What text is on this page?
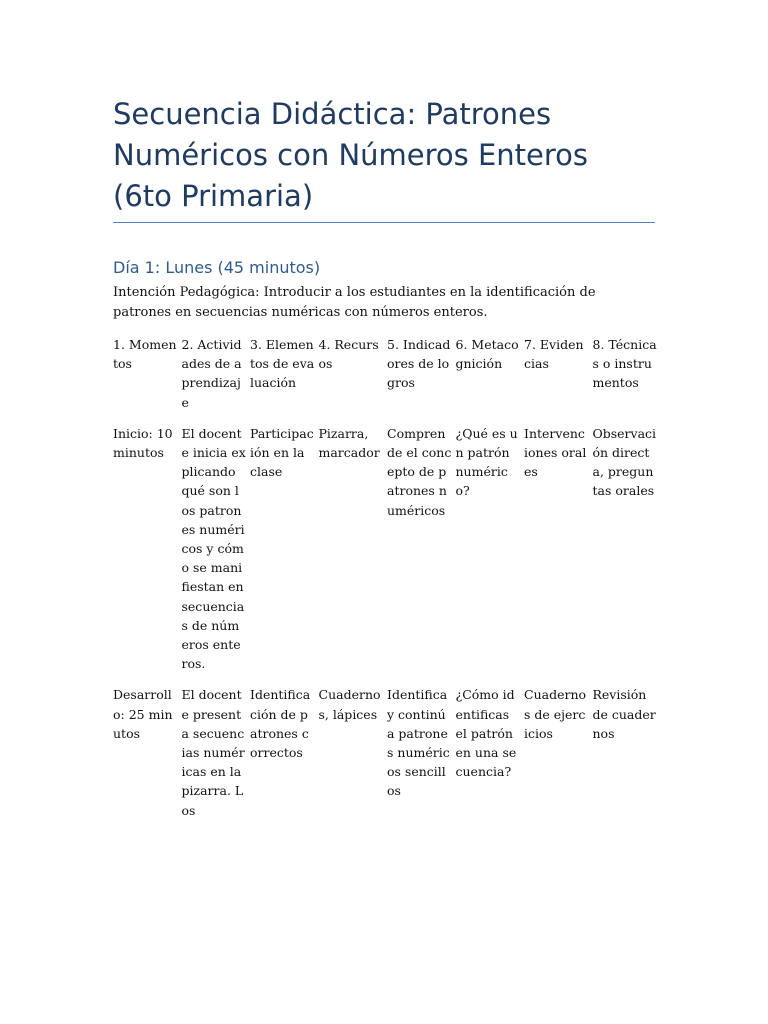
Secuencia Didáctica: Patrones Numéricos con Números Enteros (6to Primaria)
Día 1: Lunes (45 minutos)

Intención Pedagógica: Introducir a los estudiantes en la identificación de patrones en secuencias numéricas con números enteros.

1. Momentos	2. Actividades de aprendizaje	3. Elementos de evaluación	4. Recursos	5. Indicadores de logros	6. Metacognición	7. Evidencias	8. Técnicas o instrumentos
Inicio: 10 minutos	El docente inicia explicando qué son los patrones numéricos y cómo se manifiestan en secuencias de números enteros.	Participación en la clase	Pizarra, marcador	Comprende el concepto de patrones numéricos	¿Qué es un patrón numérico?	Intervenciones orales	Observación directa, preguntas orales
Desarrollo: 25 minutos	El docente presenta secuencias numéricas en la pizarra. Los	Identificación de patrones correctos	Cuadernos, lápices	Identifica y continúa patrones numéricos sencillos	¿Cómo identificas el patrón en una secuencia?	Cuadernos de ejercicios	Revisión de cuadernos
